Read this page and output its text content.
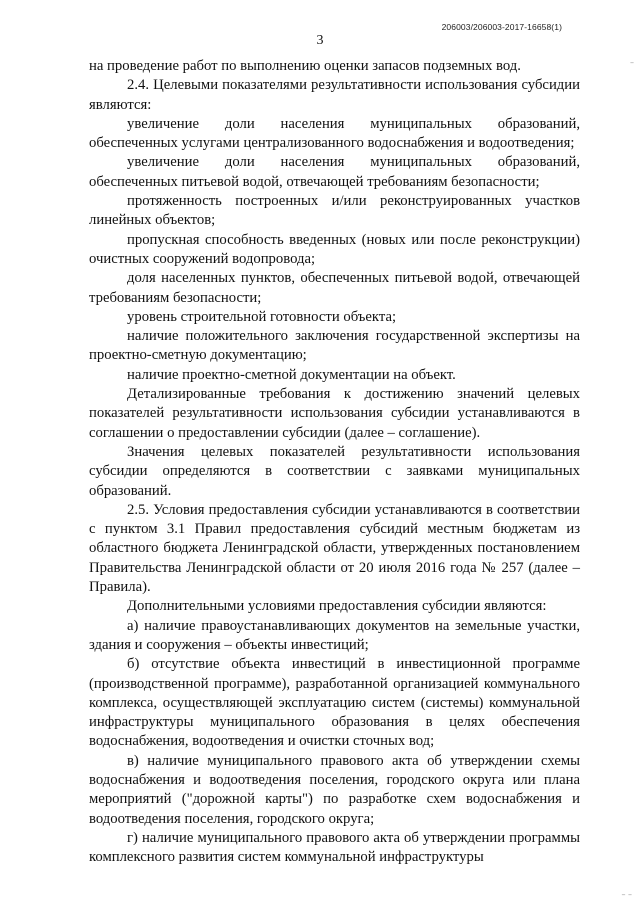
206003/206003-2017-16658(1)
3
–

на проведение работ по выполнению оценки запасов подземных вод.

2.4. Целевыми показателями результативности использования субсидии являются:

увеличение доли населения муниципальных образований, обеспеченных услугами централизованного водоснабжения и водоотведения;

увеличение доли населения муниципальных образований, обеспеченных питьевой водой, отвечающей требованиям безопасности;

протяженность построенных и/или реконструированных участков линейных объектов;

пропускная способность введенных (новых или после реконструкции) очистных сооружений водопровода;

доля населенных пунктов, обеспеченных питьевой водой, отвечающей требованиям безопасности;

уровень строительной готовности объекта;

наличие положительного заключения государственной экспертизы на проектно-сметную документацию;

наличие проектно-сметной документации на объект.

Детализированные требования к достижению значений целевых показателей результативности использования субсидии устанавливаются в соглашении о предоставлении субсидии (далее – соглашение).

Значения целевых показателей результативности использования субсидии определяются в соответствии с заявками муниципальных образований.

2.5. Условия предоставления субсидии устанавливаются в соответствии с пунктом 3.1 Правил предоставления субсидий местным бюджетам из областного бюджета Ленинградской области, утвержденных постановлением Правительства Ленинградской области от 20 июля 2016 года № 257 (далее – Правила).

Дополнительными условиями предоставления субсидии являются:

а) наличие правоустанавливающих документов на земельные участки, здания и сооружения – объекты инвестиций;

б) отсутствие объекта инвестиций в инвестиционной программе (производственной программе), разработанной организацией коммунального комплекса, осуществляющей эксплуатацию систем (системы) коммунальной инфраструктуры муниципального образования в целях обеспечения водоснабжения, водоотведения и очистки сточных вод;

в) наличие муниципального правового акта об утверждении схемы водоснабжения и водоотведения поселения, городского округа или плана мероприятий ("дорожной карты") по разработке схем водоснабжения и водоотведения поселения, городского округа;

г) наличие муниципального правового акта об утверждении программы комплексного развития систем коммунальной инфраструктуры

– –
